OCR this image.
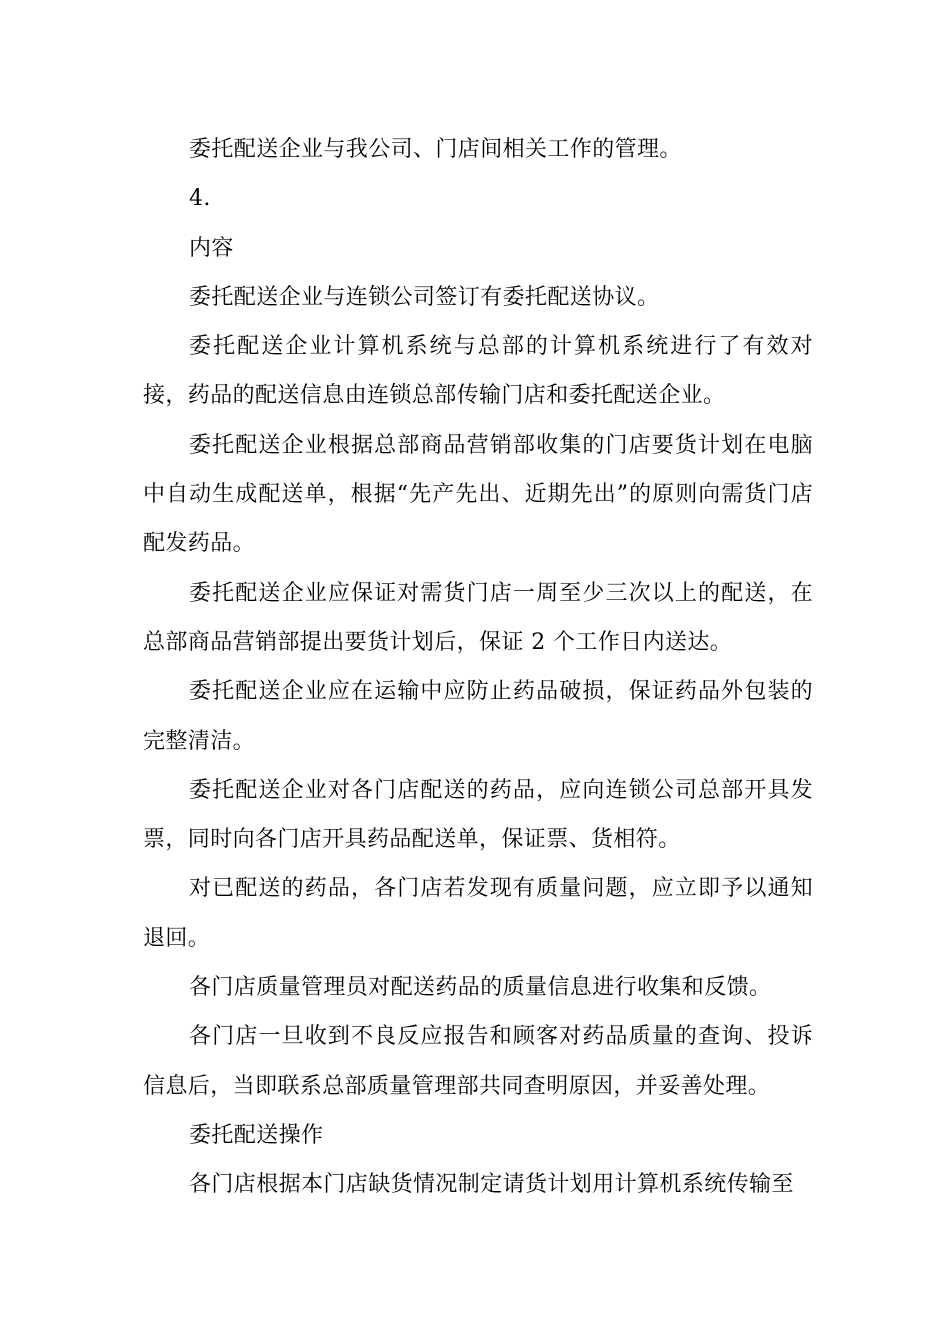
委托配送企业与我公司、门店间相关工作的管理。

4.

内容

委托配送企业与连锁公司签订有委托配送协议。

委托配送企业计算机系统与总部的计算机系统进行了有效对接，药品的配送信息由连锁总部传输门店和委托配送企业。

委托配送企业根据总部商品营销部收集的门店要货计划在电脑中自动生成配送单，根据“先产先出、近期先出”的原则向需货门店配发药品。

委托配送企业应保证对需货门店一周至少三次以上的配送，在总部商品营销部提出要货计划后，保证 2 个工作日内送达。

委托配送企业应在运输中应防止药品破损，保证药品外包装的完整清洁。

委托配送企业对各门店配送的药品，应向连锁公司总部开具发票，同时向各门店开具药品配送单，保证票、货相符。

对已配送的药品，各门店若发现有质量问题，应立即予以通知退回。

各门店质量管理员对配送药品的质量信息进行收集和反馈。

各门店一旦收到不良反应报告和顾客对药品质量的查询、投诉信息后，当即联系总部质量管理部共同查明原因，并妥善处理。

委托配送操作

各门店根据本门店缺货情况制定请货计划用计算机系统传输至
